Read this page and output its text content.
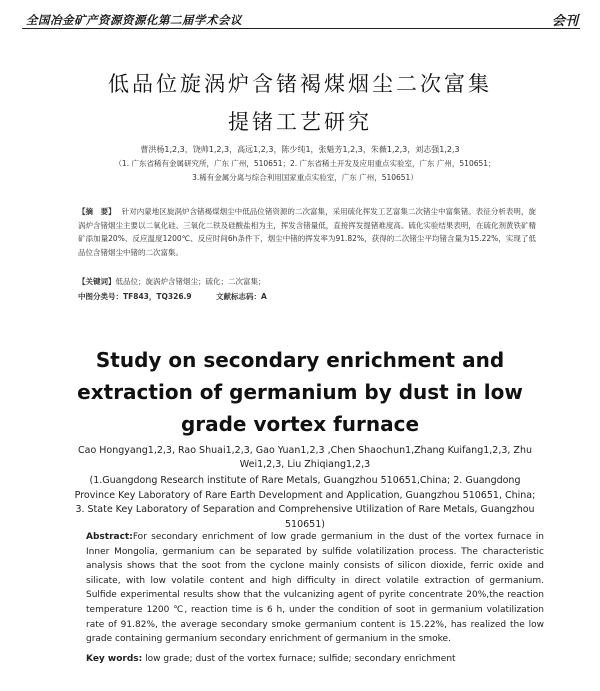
全国冶金矿产资源资源化第二届学术会议	会刊
低品位旋涡炉含锗褐煤烟尘二次富集
提锗工艺研究
曹洪杨1,2,3，饶帅1,2,3，高远1,2,3，陈少纯1，张魁芳1,2,3，朱薇1,2,3，刘志强1,2,3
（1. 广东省稀有金属研究所，广东 广州，510651；2. 广东省稀土开发及应用重点实验室，广东 广州，510651；
3.稀有金属分离与综合利用国家重点实验室，广东 广州，510651）
【摘　要】 针对内蒙地区旋涡炉含锗褐煤烟尘中低品位锗资源的二次富集，采用硫化挥发工艺富集二次锗尘中富集锗。表征分析表明，旋涡炉含锗烟尘主要以二氧化硅、三氧化二铁及硅酸盐相为主，挥发含锗量低，直接挥发提锗难度高。硫化实验结果表明，在硫化剂黄铁矿精矿添加量20%、反应温度1200℃、反应时间6h条件下，烟尘中锗的挥发率为91.82%，获得的二次锗尘平均锗含量为15.22%，实现了低品位含锗烟尘中锗的二次富集。
【关键词】低品位；旋涡炉含锗烟尘；硫化；二次富集；
中图分类号：TF843，TQ326.9	文献标志码：A
Study on secondary enrichment and
extraction of germanium by dust in low
grade vortex furnace
Cao Hongyang1,2,3, Rao Shuai1,2,3, Gao Yuan1,2,3 ,Chen Shaochun1,Zhang Kuifang1,2,3, Zhu Wei1,2,3, Liu Zhiqiang1,2,3
(1.Guangdong Research institute of Rare Metals, Guangzhou 510651,China; 2. Guangdong Province Key Laboratory of Rare Earth Development and Application, Guangzhou 510651, China; 3. State Key Laboratory of Separation and Comprehensive Utilization of Rare Metals, Guangzhou 510651)
Abstract:For secondary enrichment of low grade germanium in the dust of the vortex furnace in Inner Mongolia, germanium can be separated by sulfide volatilization process. The characteristic analysis shows that the soot from the cyclone mainly consists of silicon dioxide, ferric oxide and silicate, with low volatile content and high difficulty in direct volatile extraction of germanium. Sulfide experimental results show that the vulcanizing agent of pyrite concentrate 20%,the reaction temperature 1200 ℃, reaction time is 6 h, under the condition of soot in germanium volatilization rate of 91.82%, the average secondary smoke germanium content is 15.22%, has realized the low grade containing germanium secondary enrichment of germanium in the smoke.
Key words: low grade; dust of the vortex furnace; sulfide; secondary enrichment
